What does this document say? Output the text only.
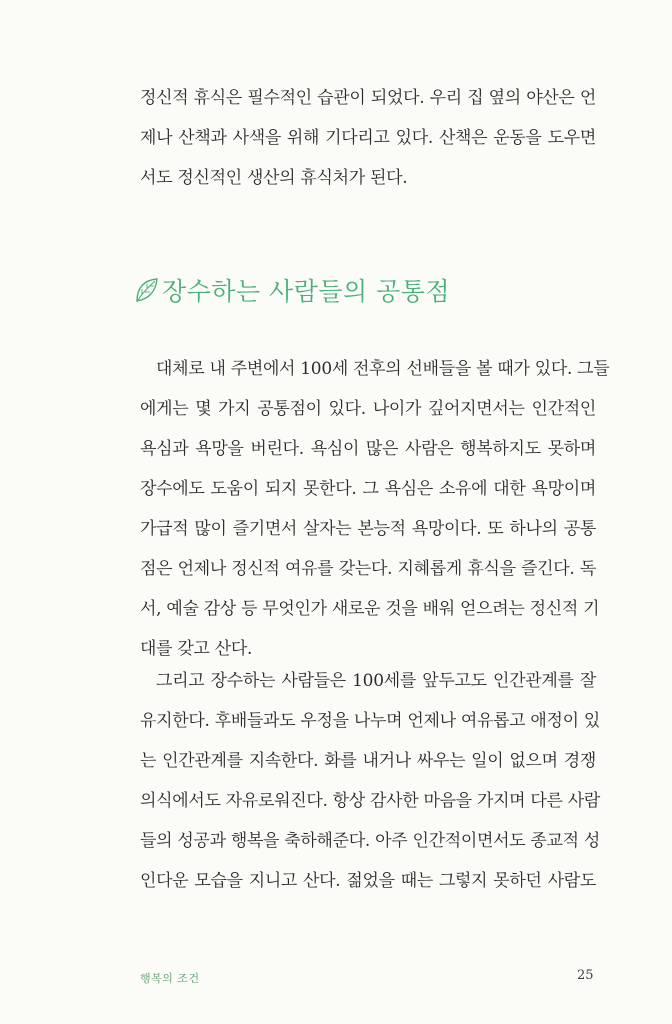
정신적 휴식은 필수적인 습관이 되었다. 우리 집 옆의 야산은 언
제나 산책과 사색을 위해 기다리고 있다. 산책은 운동을 도우면
서도 정신적인 생산의 휴식처가 된다.
장수하는 사람들의 공통점
대체로 내 주변에서 100세 전후의 선배들을 볼 때가 있다. 그들
에게는 몇 가지 공통점이 있다. 나이가 깊어지면서는 인간적인
욕심과 욕망을 버린다. 욕심이 많은 사람은 행복하지도 못하며
장수에도 도움이 되지 못한다. 그 욕심은 소유에 대한 욕망이며
가급적 많이 즐기면서 살자는 본능적 욕망이다. 또 하나의 공통
점은 언제나 정신적 여유를 갖는다. 지혜롭게 휴식을 즐긴다. 독
서, 예술 감상 등 무엇인가 새로운 것을 배워 얻으려는 정신적 기
대를 갖고 산다.
그리고 장수하는 사람들은 100세를 앞두고도 인간관계를 잘
유지한다. 후배들과도 우정을 나누며 언제나 여유롭고 애정이 있
는 인간관계를 지속한다. 화를 내거나 싸우는 일이 없으며 경쟁
의식에서도 자유로워진다. 항상 감사한 마음을 가지며 다른 사람
들의 성공과 행복을 축하해준다. 아주 인간적이면서도 종교적 성
인다운 모습을 지니고 산다. 젊었을 때는 그렇지 못하던 사람도
행복의 조건	25
